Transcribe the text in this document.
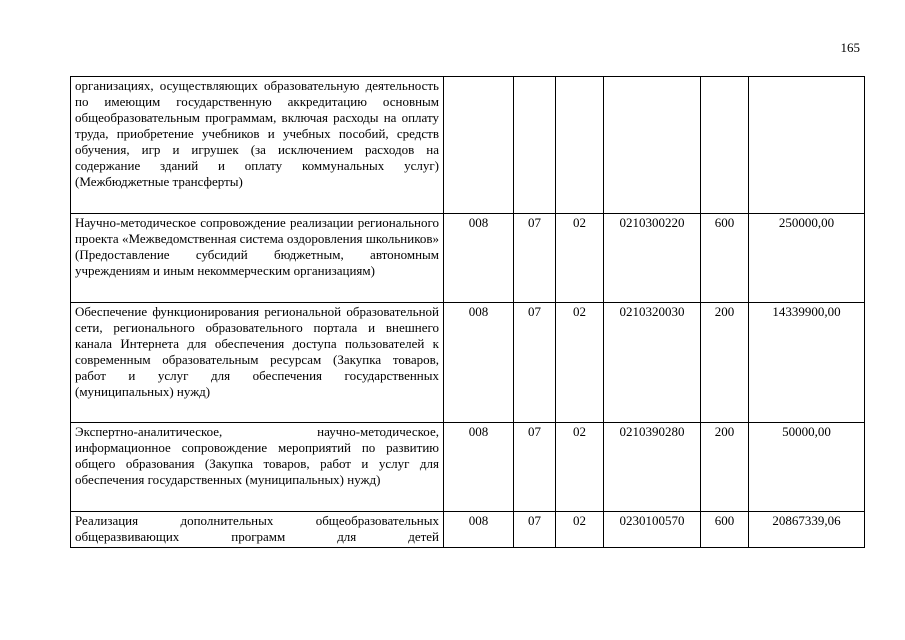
165
организациях, осуществляющих образовательную деятельность по имеющим государственную аккредитацию основным общеобразовательным программам, включая расходы на оплату труда, приобретение учебников и учебных пособий, средств обучения, игр и игрушек (за исключением расходов на содержание зданий и оплату коммунальных услуг) (Межбюджетные трансферты)						
Научно-методическое сопровождение реализации регионального проекта «Межведомственная система оздоровления школьников» (Предоставление субсидий бюджетным, автономным учреждениям и иным некоммерческим организациям)	008	07	02	0210300220	600	250000,00
Обеспечение функционирования региональной образовательной сети, регионального образовательного портала и внешнего канала Интернета для обеспечения доступа пользователей к современным образовательным ресурсам (Закупка товаров, работ и услуг для обеспечения государственных (муниципальных) нужд)	008	07	02	0210320030	200	14339900,00
Экспертно-аналитическое, научно-методическое, информационное сопровождение мероприятий по развитию общего образования (Закупка товаров, работ и услуг для обеспечения государственных (муниципальных) нужд)	008	07	02	0210390280	200	50000,00
Реализация дополнительных общеобразовательных общеразвивающих программ для детей	008	07	02	0230100570	600	20867339,06
